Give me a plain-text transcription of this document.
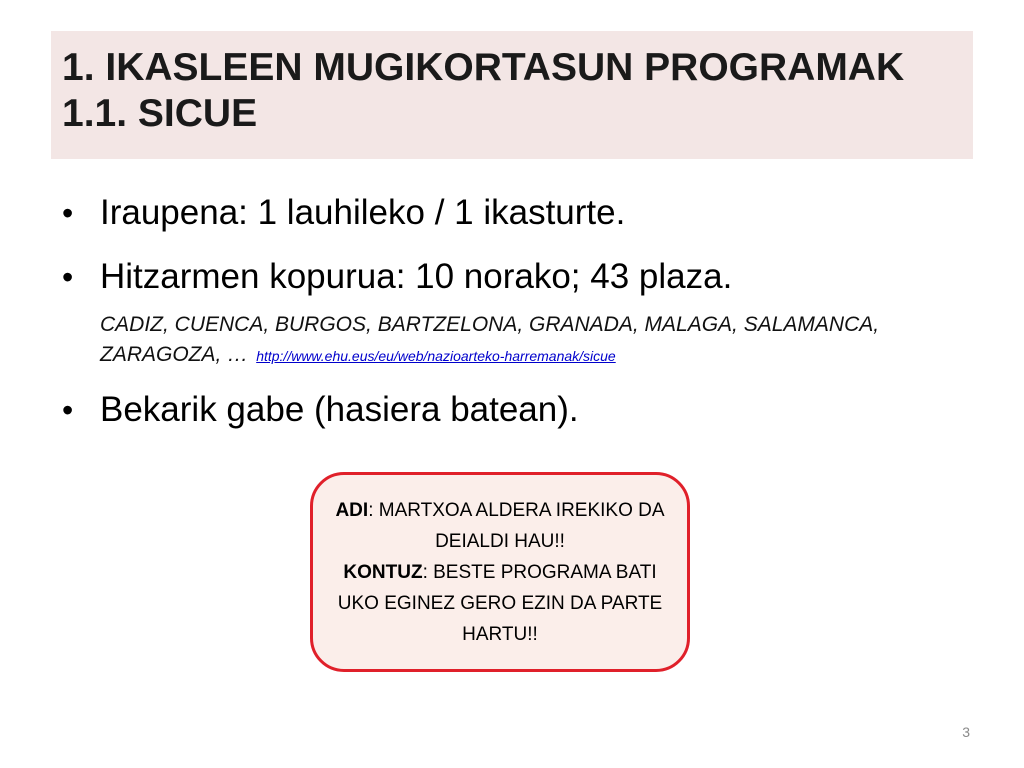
1. IKASLEEN MUGIKORTASUN PROGRAMAK
1.1. SICUE
• Iraupena: 1 lauhileko / 1 ikasturte.
• Hitzarmen kopurua: 10 norako; 43 plaza.
CADIZ, CUENCA, BURGOS, BARTZELONA, GRANADA, MALAGA, SALAMANCA, ZARAGOZA, … http://www.ehu.eus/eu/web/nazioarteko-harremanak/sicue
• Bekarik gabe (hasiera batean).
ADI: MARTXOA ALDERA IREKIKO DA DEIALDI HAU!!
KONTUZ: BESTE PROGRAMA BATI UKO EGINEZ GERO EZIN DA PARTE HARTU!!
3
